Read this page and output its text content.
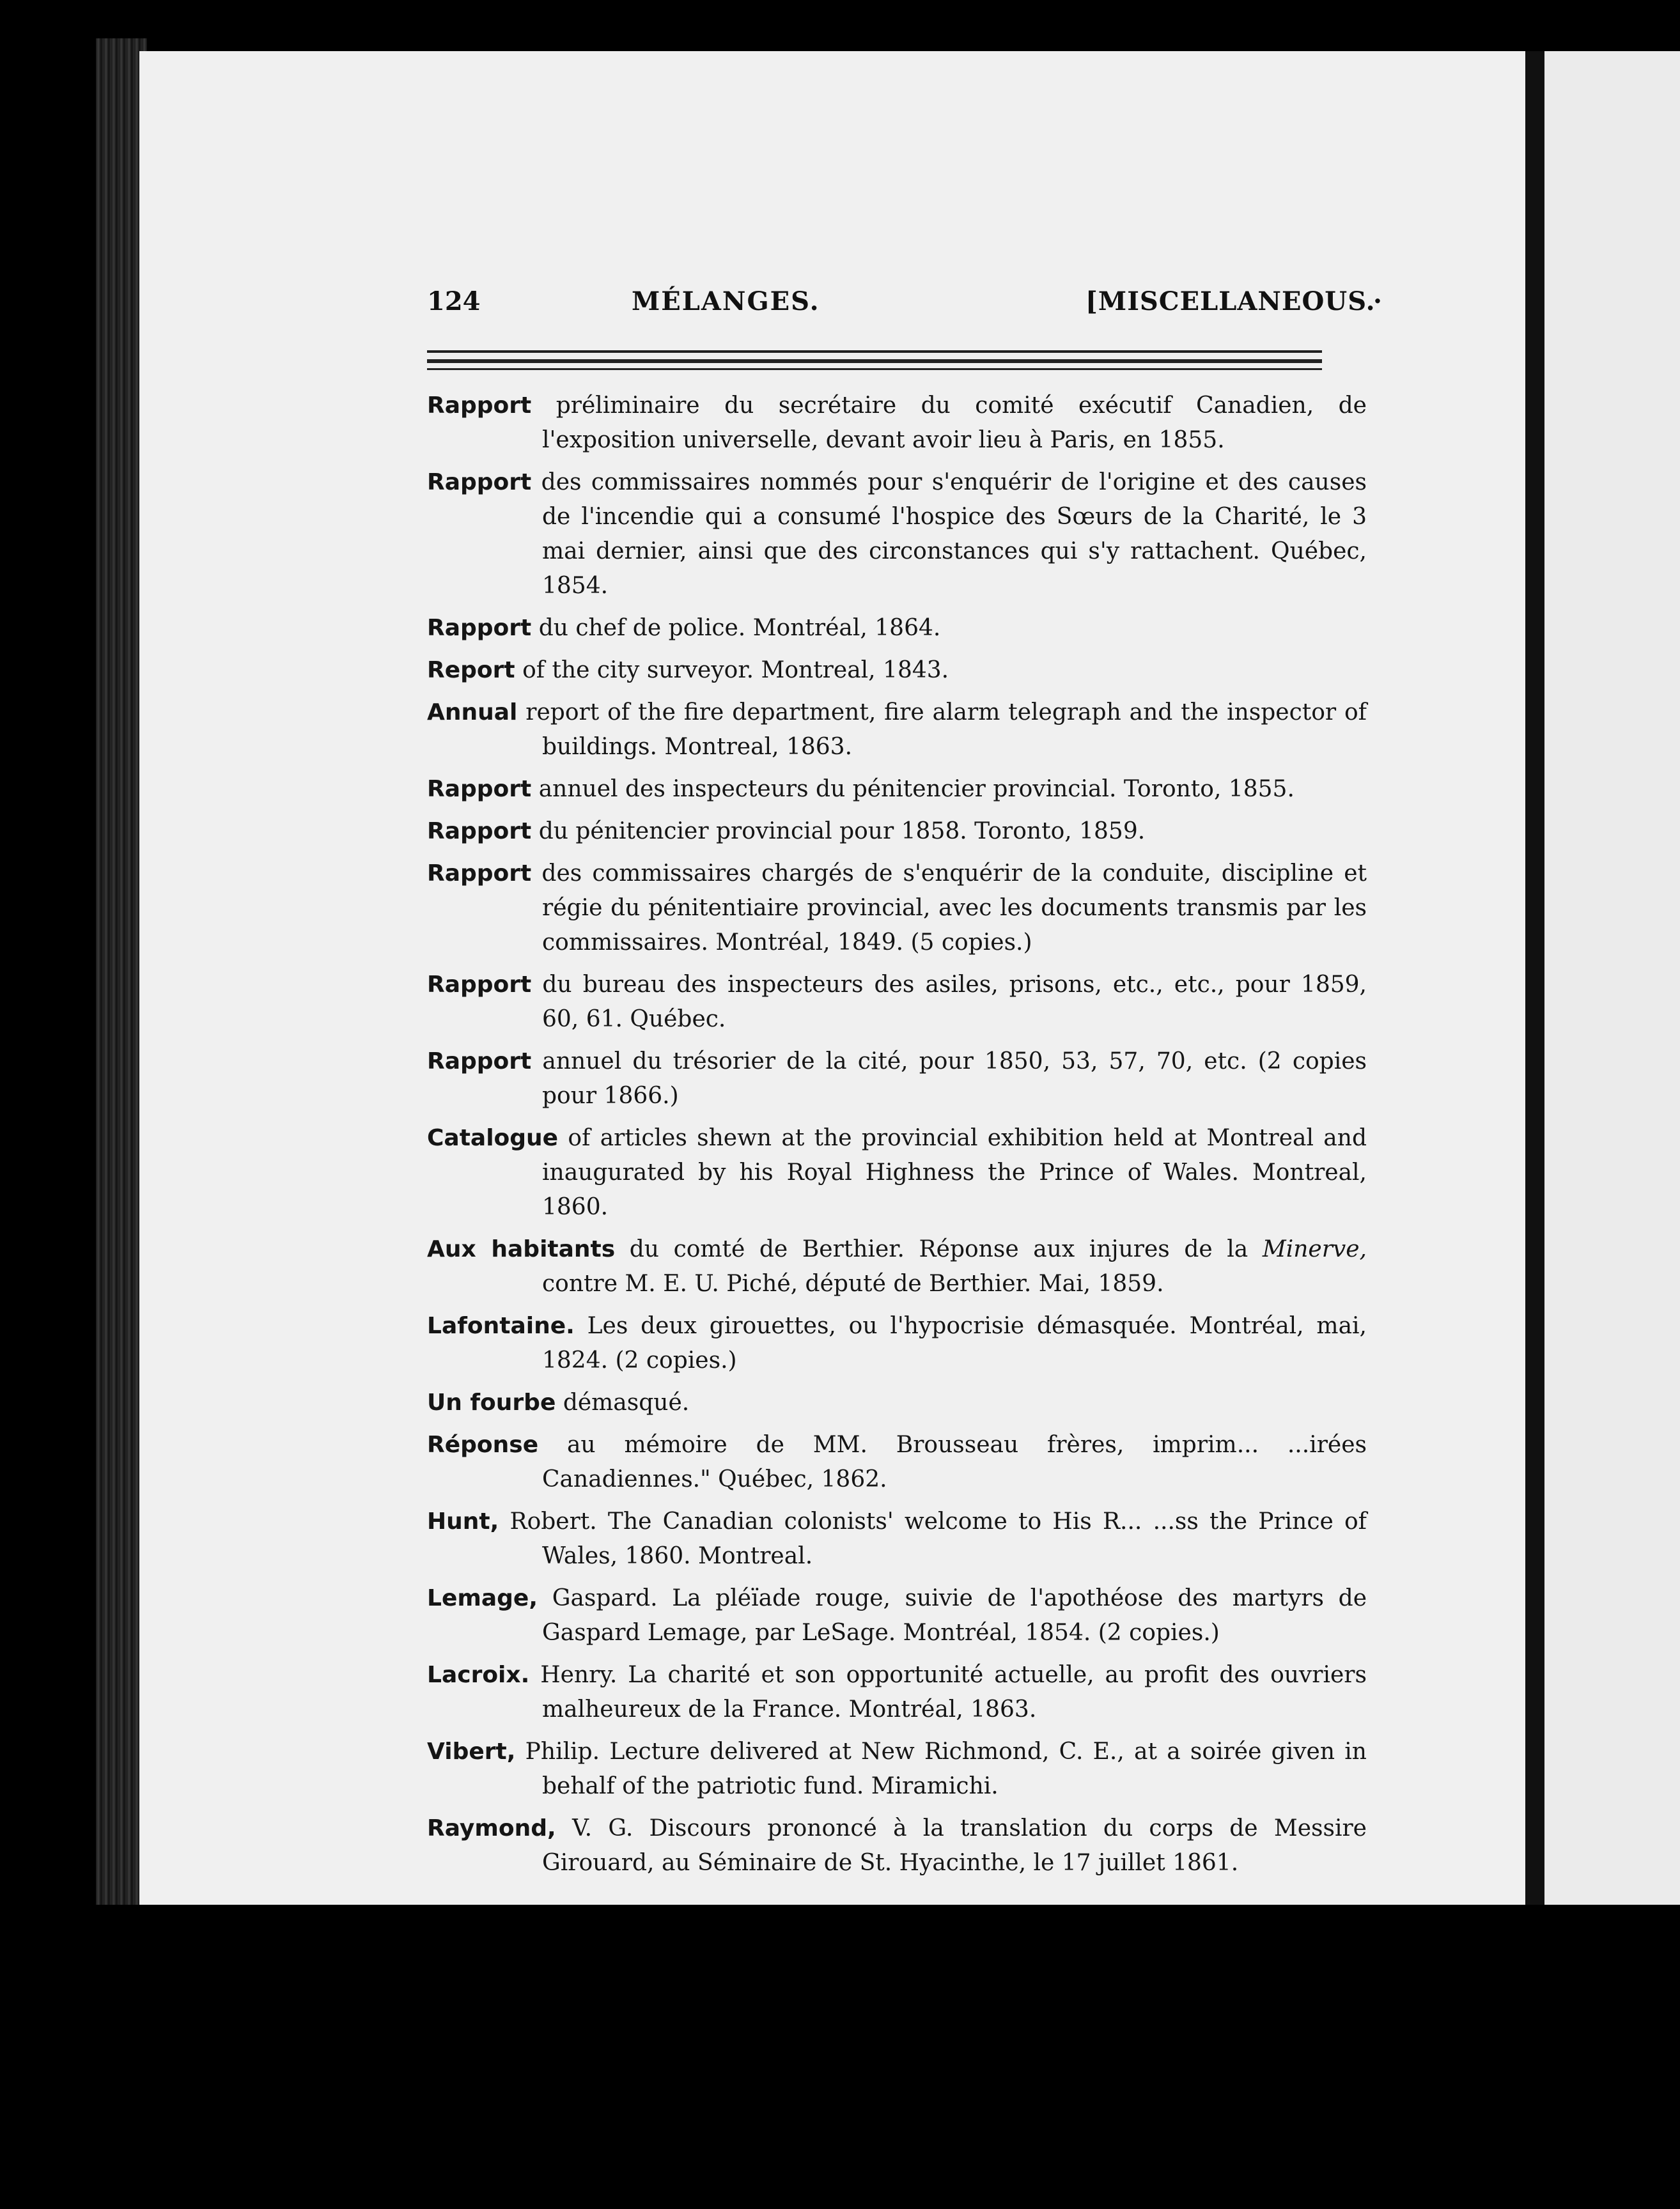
124	MÉLANGES.	[MISCELLANEOUS.
·
Rapport préliminaire du secrétaire du comité exécutif Canadien, de l'exposition universelle, devant avoir lieu à Paris, en 1855.
Rapport des commissaires nommés pour s'enquérir de l'origine et des causes de l'incendie qui a consumé l'hospice des Sœurs de la Charité, le 3 mai dernier, ainsi que des circonstances qui s'y rattachent. Québec, 1854.
Rapport du chef de police. Montréal, 1864.
Report of the city surveyor. Montreal, 1843.
Annual report of the fire department, fire alarm telegraph and the inspector of buildings. Montreal, 1863.
Rapport annuel des inspecteurs du pénitencier provincial. Toronto, 1855.
Rapport du pénitencier provincial pour 1858. Toronto, 1859.
Rapport des commissaires chargés de s'enquérir de la conduite, discipline et régie du pénitentiaire provincial, avec les documents transmis par les commissaires. Montréal, 1849. (5 copies.)
Rapport du bureau des inspecteurs des asiles, prisons, etc., etc., pour 1859, 60, 61. Québec.
Rapport annuel du trésorier de la cité, pour 1850, 53, 57, 70, etc. (2 copies pour 1866.)
Catalogue of articles shewn at the provincial exhibition held at Montreal and inaugurated by his Royal Highness the Prince of Wales. Montreal, 1860.
Aux habitants du comté de Berthier. Réponse aux injures de la Minerve, contre M. E. U. Piché, député de Berthier. Mai, 1859.
Lafontaine. Les deux girouettes, ou l'hypocrisie démasquée. Montréal, mai, 1824. (2 copies.)
Un fourbe démasqué.
Réponse au mémoire de MM. Brousseau frères, imprim... ...irées Canadiennes." Québec, 1862.
Hunt, Robert. The Canadian colonists' welcome to His R... ...ss the Prince of Wales, 1860. Montreal.
Lemage, Gaspard. La pléïade rouge, suivie de l'apothéose des martyrs de Gaspard Lemage, par LeSage. Montréal, 1854. (2 copies.)
Lacroix. Henry. La charité et son opportunité actuelle, au profit des ouvriers malheureux de la France. Montréal, 1863.
Vibert, Philip. Lecture delivered at New Richmond, C. E., at a soirée given in behalf of the patriotic fund. Miramichi.
Raymond, V. G. Discours prononcé à la translation du corps de Messire Girouard, au Séminaire de St. Hyacinthe, le 17 juillet 1861.
